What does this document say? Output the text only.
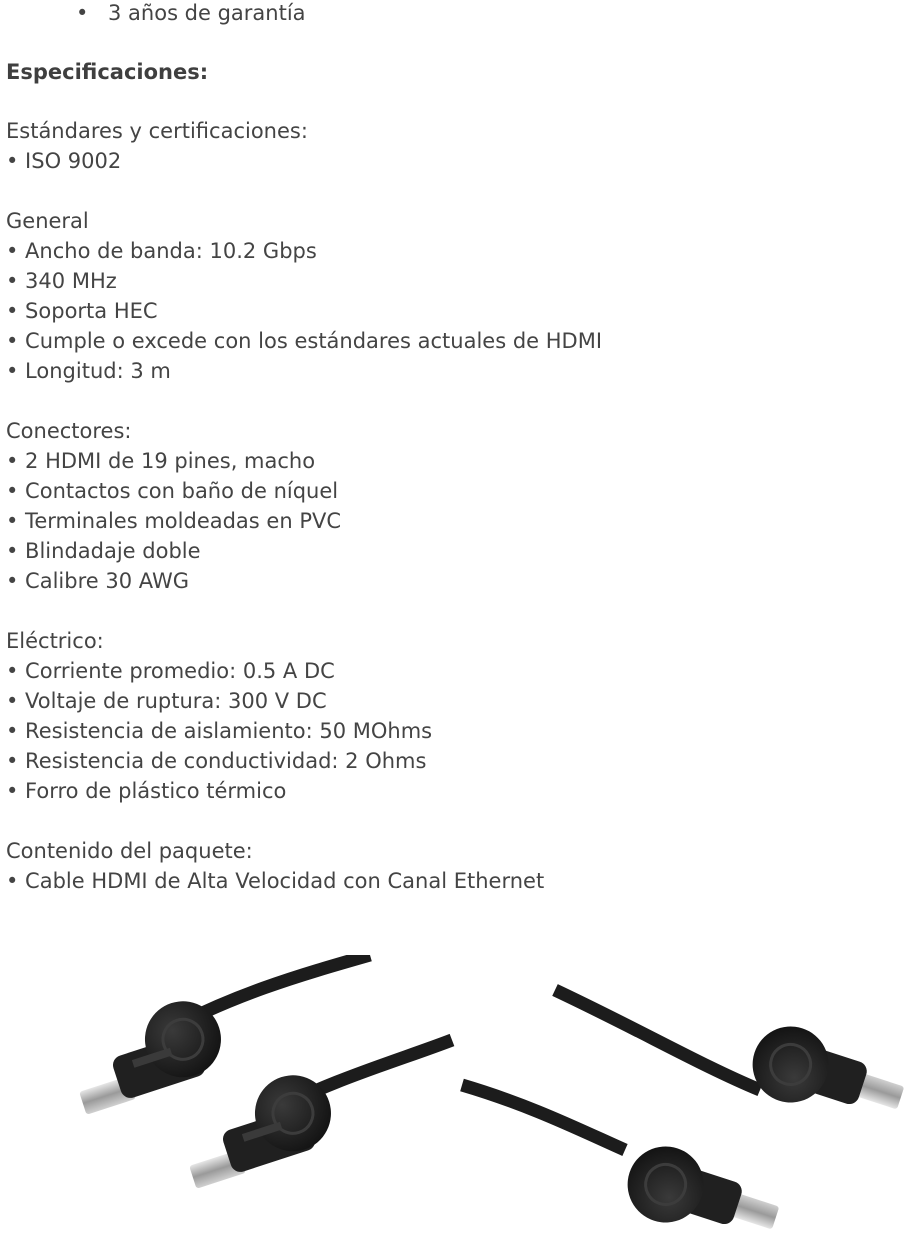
• 3 años de garantía
Especificaciones:
Estándares y certificaciones:
• ISO 9002
General
• Ancho de banda: 10.2 Gbps
• 340 MHz
• Soporta HEC
• Cumple o excede con los estándares actuales de HDMI
• Longitud: 3 m
Conectores:
• 2 HDMI de 19 pines, macho
• Contactos con baño de níquel
• Terminales moldeadas en PVC
• Blindadaje doble
• Calibre 30 AWG
Eléctrico:
• Corriente promedio: 0.5 A DC
• Voltaje de ruptura: 300 V DC
• Resistencia de aislamiento: 50 MOhms
• Resistencia de conductividad: 2 Ohms
• Forro de plástico térmico
Contenido del paquete:
• Cable HDMI de Alta Velocidad con Canal Ethernet
